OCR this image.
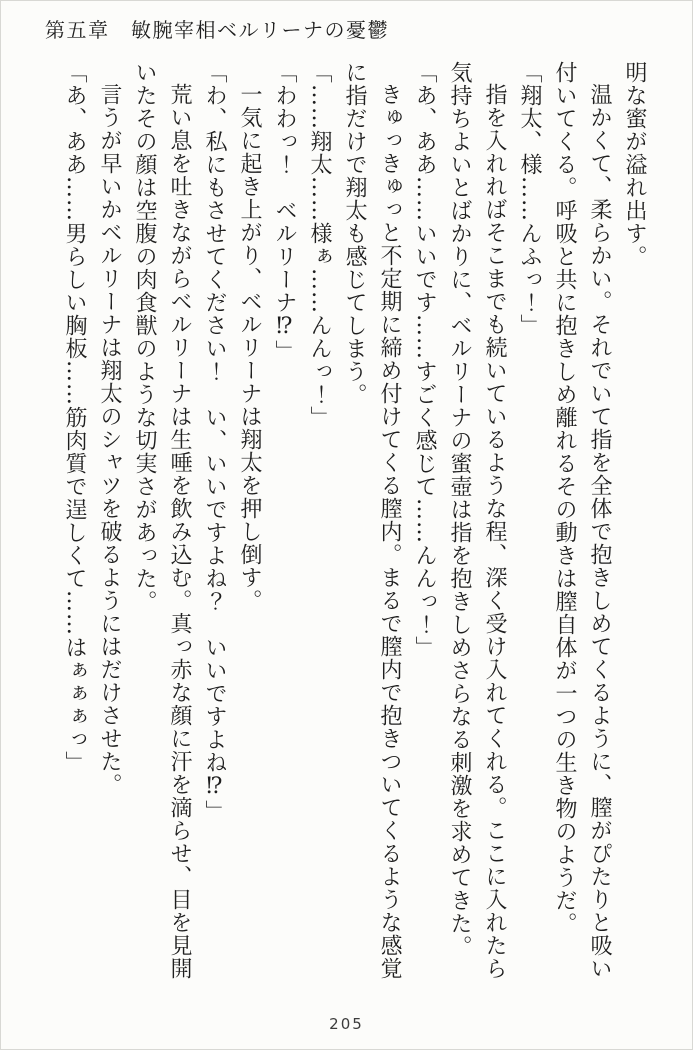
第五章　敏腕宰相ベルリーナの憂鬱

明な蜜が溢れ出す。

温かくて、柔らかい。それでいて指を全体で抱きしめてくるように、膣がぴたりと吸い付いてくる。呼吸と共に抱きしめ離れるその動きは膣自体が一つの生き物のようだ。

「翔太、様……んふっ！」

指を入れればそこまでも続いているような程、深く受け入れてくれる。ここに入れたら気持ちよいとばかりに、ベルリーナの蜜壺は指を抱きしめさらなる刺激を求めてきた。

「あ、ああ……いいです……すごく感じて……んんっ！」

きゅっきゅっと不定期に締め付けてくる膣内。まるで膣内で抱きついてくるような感覚に指だけで翔太も感じてしまう。

「……翔太……様ぁ……んんっ！」

「わわっ！　ベルリーナ⁉」

一気に起き上がり、ベルリーナは翔太を押し倒す。

「わ、私にもさせてください！　い、いいですよね？　いいですよね⁉」

荒い息を吐きながらベルリーナは生唾を飲み込む。真っ赤な顔に汗を滴らせ、目を見開いたその顔は空腹の肉食獣のような切実さがあった。

言うが早いかベルリーナは翔太のシャツを破るようにはだけさせた。

「あ、ああ……男らしい胸板……筋肉質で逞しくて……はぁぁぁっ」

205
